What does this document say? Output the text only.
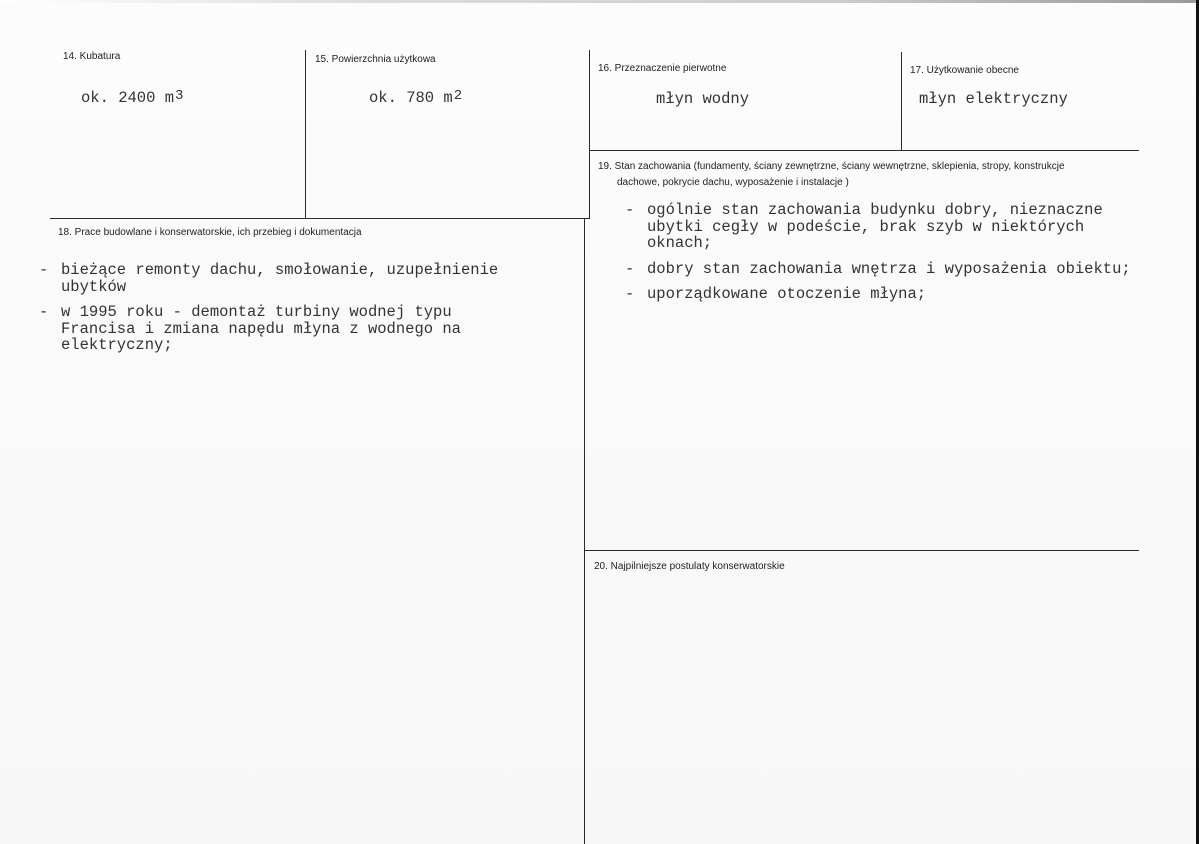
14. Kubatura
ok. 2400 $m^3$
15. Powierzchnia użytkowa
ok. 780 $m^2$
16. Przeznaczenie pierwotne
młyn wodny
17. Użytkowanie obecne
młyn elektryczny
18. Prace budowlane i konserwatorskie, ich przebieg i dokumentacja
- bieżące remonty dachu, smołowanie, uzupełnienie
ubytków
- w 1995 roku - demontaż turbiny wodnej typu
Francisa i zmiana napędu młyna z wodnego na
elektryczny;
19. Stan zachowania (fundamenty, ściany zewnętrzne, ściany wewnętrzne, sklepienia, stropy, konstrukcje
dachowe, pokrycie dachu, wyposażenie i instalacje )
- ogólnie stan zachowania budynku dobry, nieznaczne
ubytki cegły w podeście, brak szyb w niektórych
oknach;
- dobry stan zachowania wnętrza i wyposażenia obiektu;
- uporządkowane otoczenie młyna;
20. Najpilniejsze postulaty konserwatorskie
